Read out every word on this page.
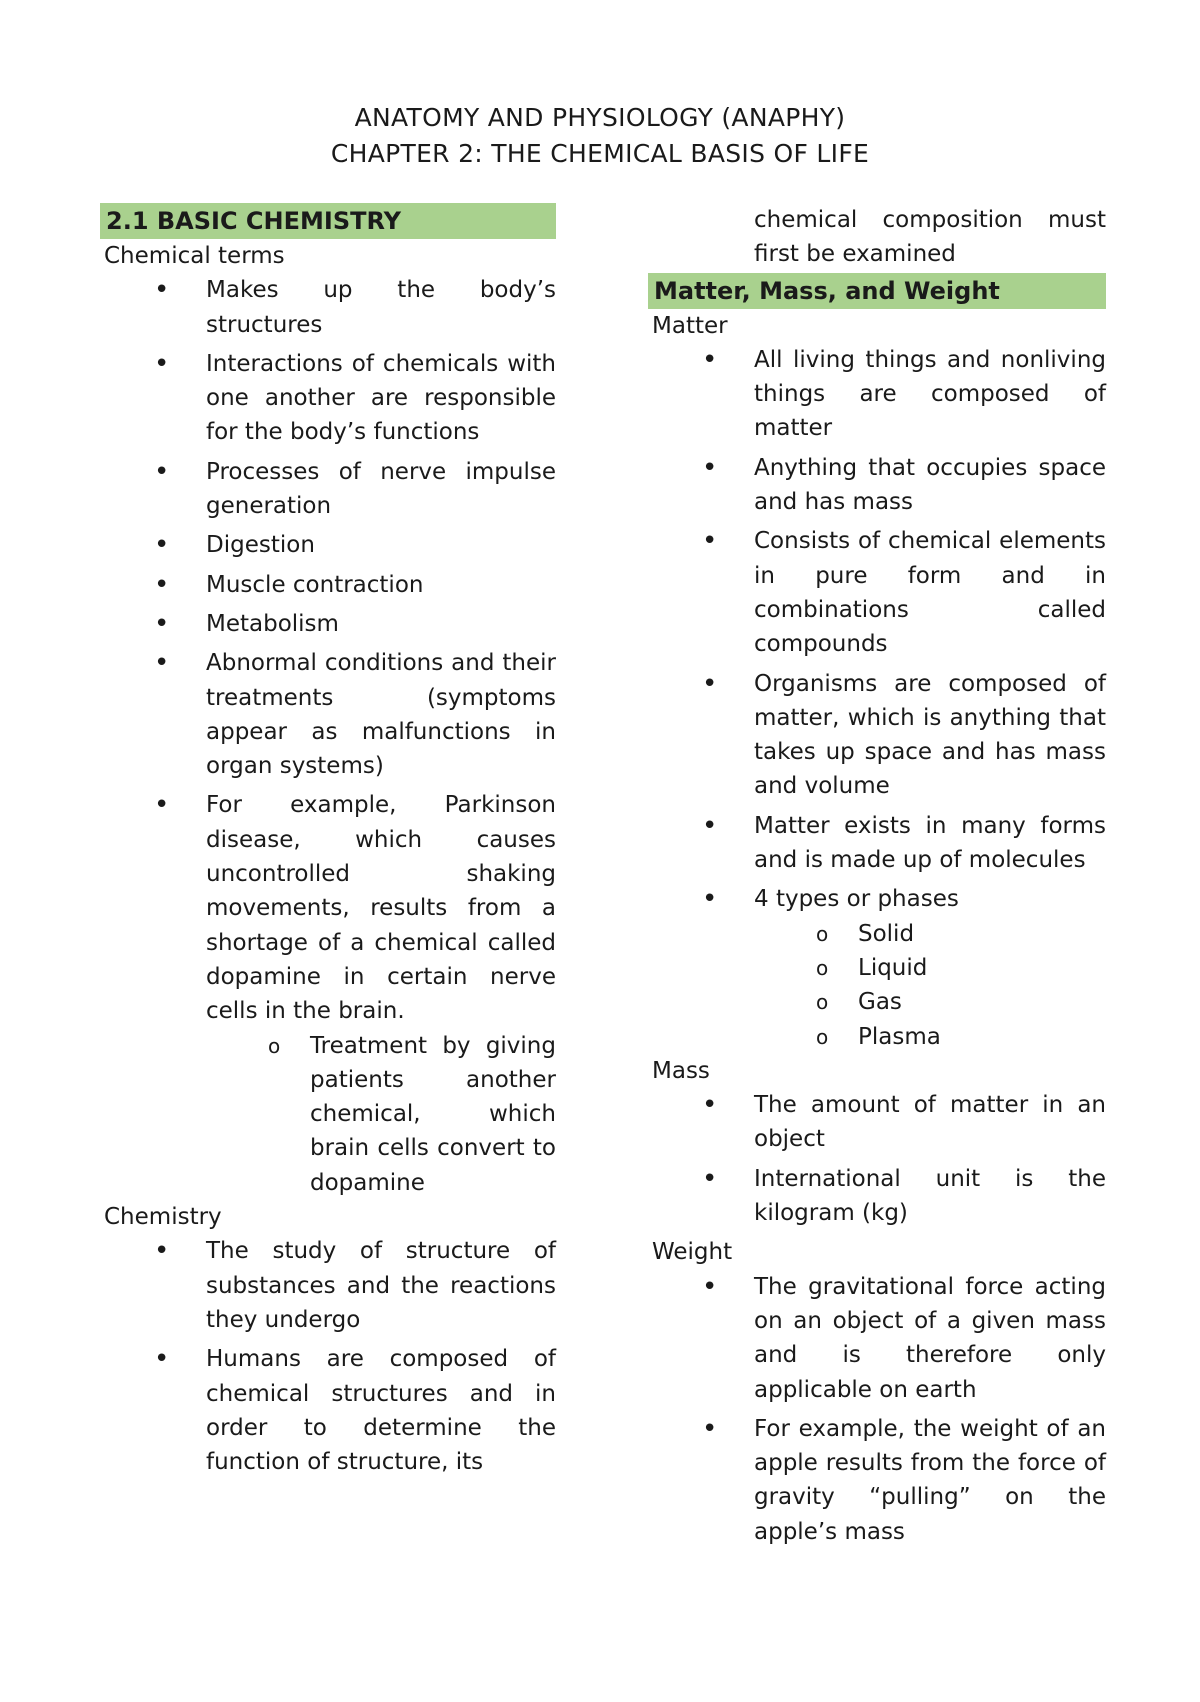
ANATOMY AND PHYSIOLOGY (ANAPHY)
CHAPTER 2: THE CHEMICAL BASIS OF LIFE
2.1 BASIC CHEMISTRY

Chemical terms

• Makes up the body’s structures
• Interactions of chemicals with one another are responsible for the body’s functions
• Processes of nerve impulse generation
• Digestion
• Muscle contraction
• Metabolism
• Abnormal conditions and their treatments (symptoms appear as malfunctions in organ systems)
• For example, Parkinson disease, which causes uncontrolled shaking movements, results from a shortage of a chemical called dopamine in certain nerve cells in the brain.
o Treatment by giving patients another chemical, which brain cells convert to dopamine

Chemistry

• The study of structure of substances and the reactions they undergo
• Humans are composed of chemical structures and in order to determine the function of structure, its

chemical composition must first be examined

Matter, Mass, and Weight

Matter

• All living things and nonliving things are composed of matter
• Anything that occupies space and has mass
• Consists of chemical elements in pure form and in combinations called compounds
• Organisms are composed of matter, which is anything that takes up space and has mass and volume
• Matter exists in many forms and is made up of molecules
• 4 types or phases
o Solid
o Liquid
o Gas
o Plasma

Mass

• The amount of matter in an object
• International unit is the kilogram (kg)

Weight

• The gravitational force acting on an object of a given mass and is therefore only applicable on earth
• For example, the weight of an apple results from the force of gravity “pulling” on the apple’s mass
